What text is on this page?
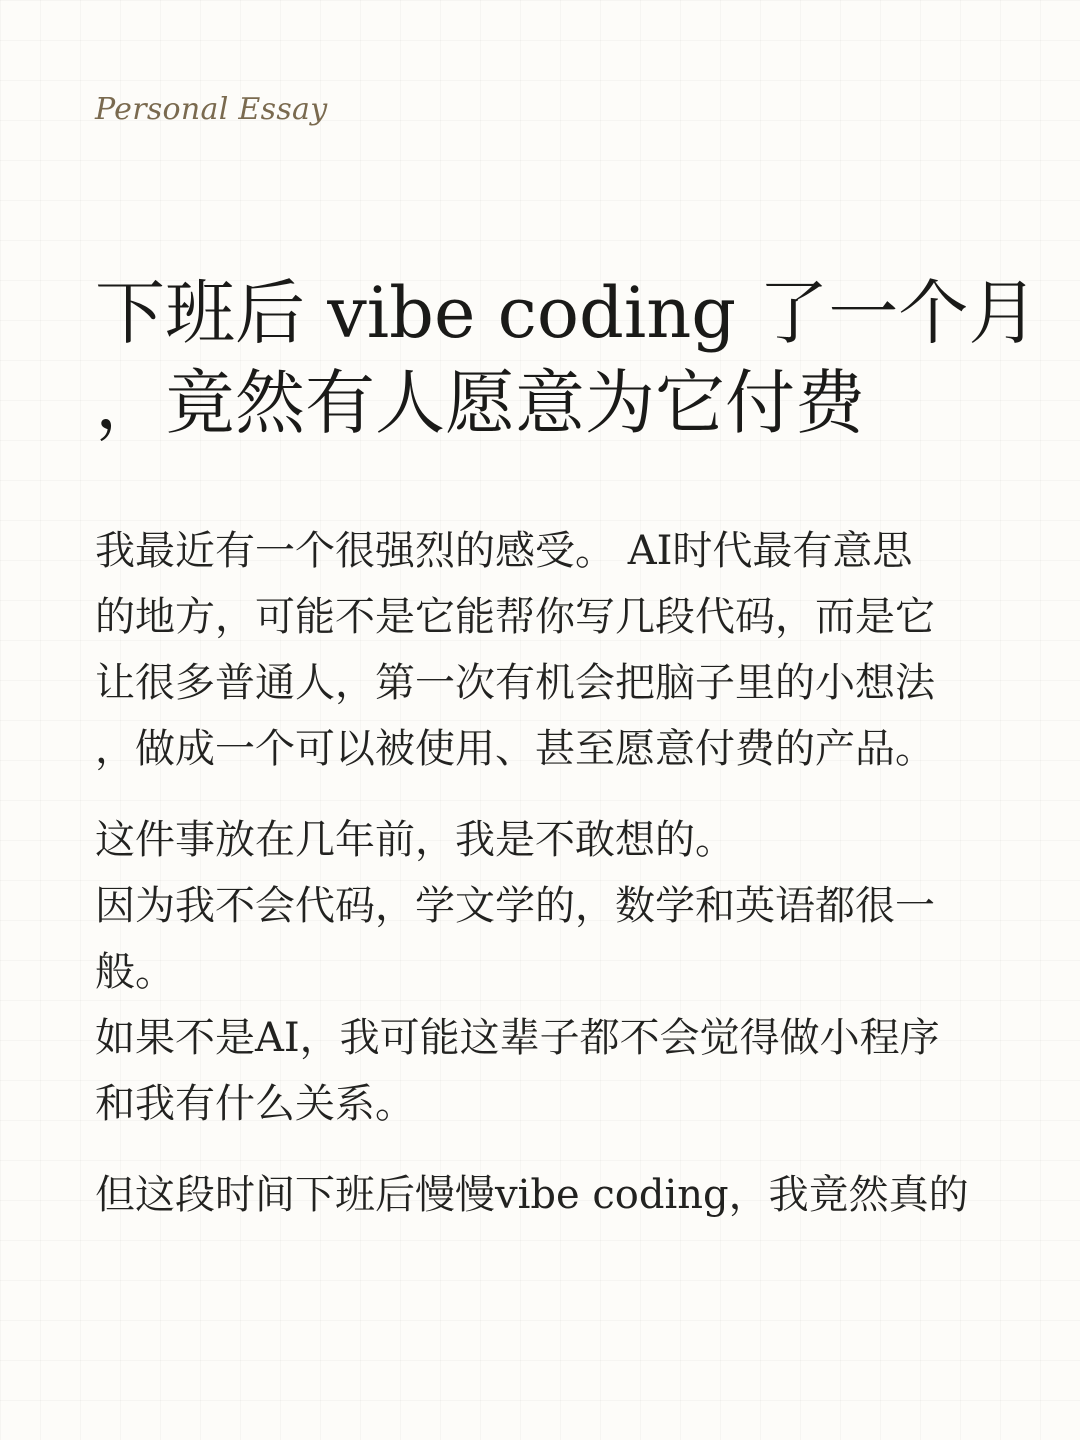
Personal Essay
下班后 vibe coding 了一个月
，竟然有人愿意为它付费

我最近有一个很强烈的感受。 AI时代最有意思
的地方，可能不是它能帮你写几段代码，而是它
让很多普通人，第一次有机会把脑子里的小想法
，做成一个可以被使用、甚至愿意付费的产品。

这件事放在几年前，我是不敢想的。
因为我不会代码，学文学的，数学和英语都很一
般。
如果不是AI，我可能这辈子都不会觉得做小程序
和我有什么关系。

但这段时间下班后慢慢vibe coding，我竟然真的
